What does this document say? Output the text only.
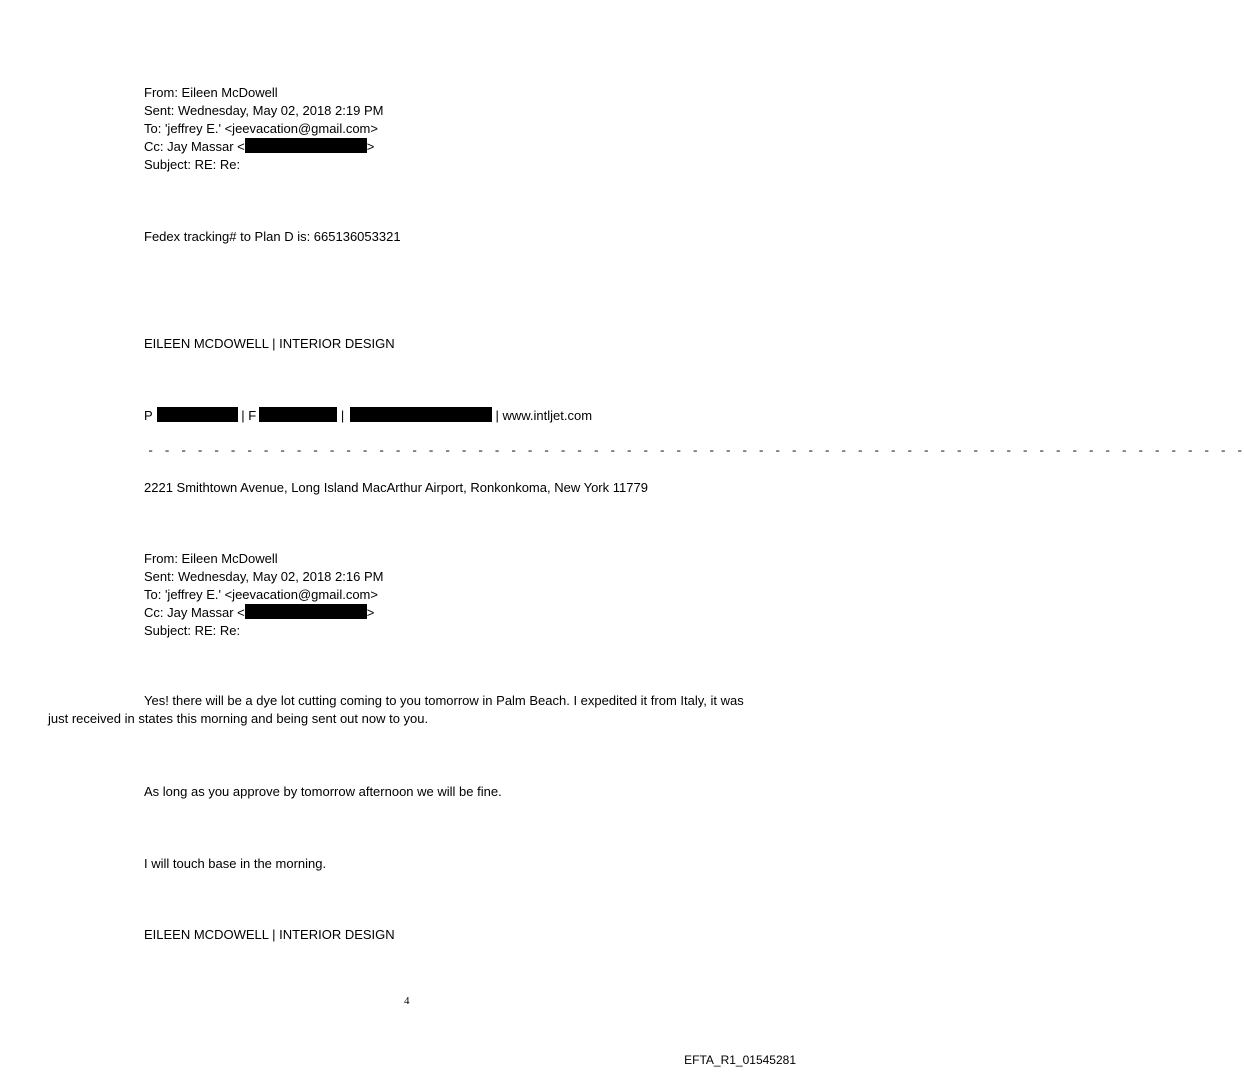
From: Eileen McDowell
Sent: Wednesday, May 02, 2018 2:19 PM
To: 'jeffrey E.' <jeevacation@gmail.com>
Cc: Jay Massar <	>
Subject: RE: Re:
Fedex tracking# to Plan D is: 665136053321
EILEEN MCDOWELL | INTERIOR DESIGN
P	| F	|	| www.intljet.com
- - - - - - - - - - - - - - - - - - - - - - - - - - - - - - - - - - - - - - - - - - - - - - - - - - - - - - - - - - - - - - - - - - -
2221 Smithtown Avenue, Long Island MacArthur Airport, Ronkonkoma, New York 11779
From: Eileen McDowell
Sent: Wednesday, May 02, 2018 2:16 PM
To: 'jeffrey E.' <jeevacation@gmail.com>
Cc: Jay Massar <	>
Subject: RE: Re:
Yes! there will be a dye lot cutting coming to you tomorrow in Palm Beach. I expedited it from Italy, it was just received in states this morning and being sent out now to you.
As long as you approve by tomorrow afternoon we will be fine.
I will touch base in the morning.
EILEEN MCDOWELL | INTERIOR DESIGN
4
EFTA_R1_01545281
